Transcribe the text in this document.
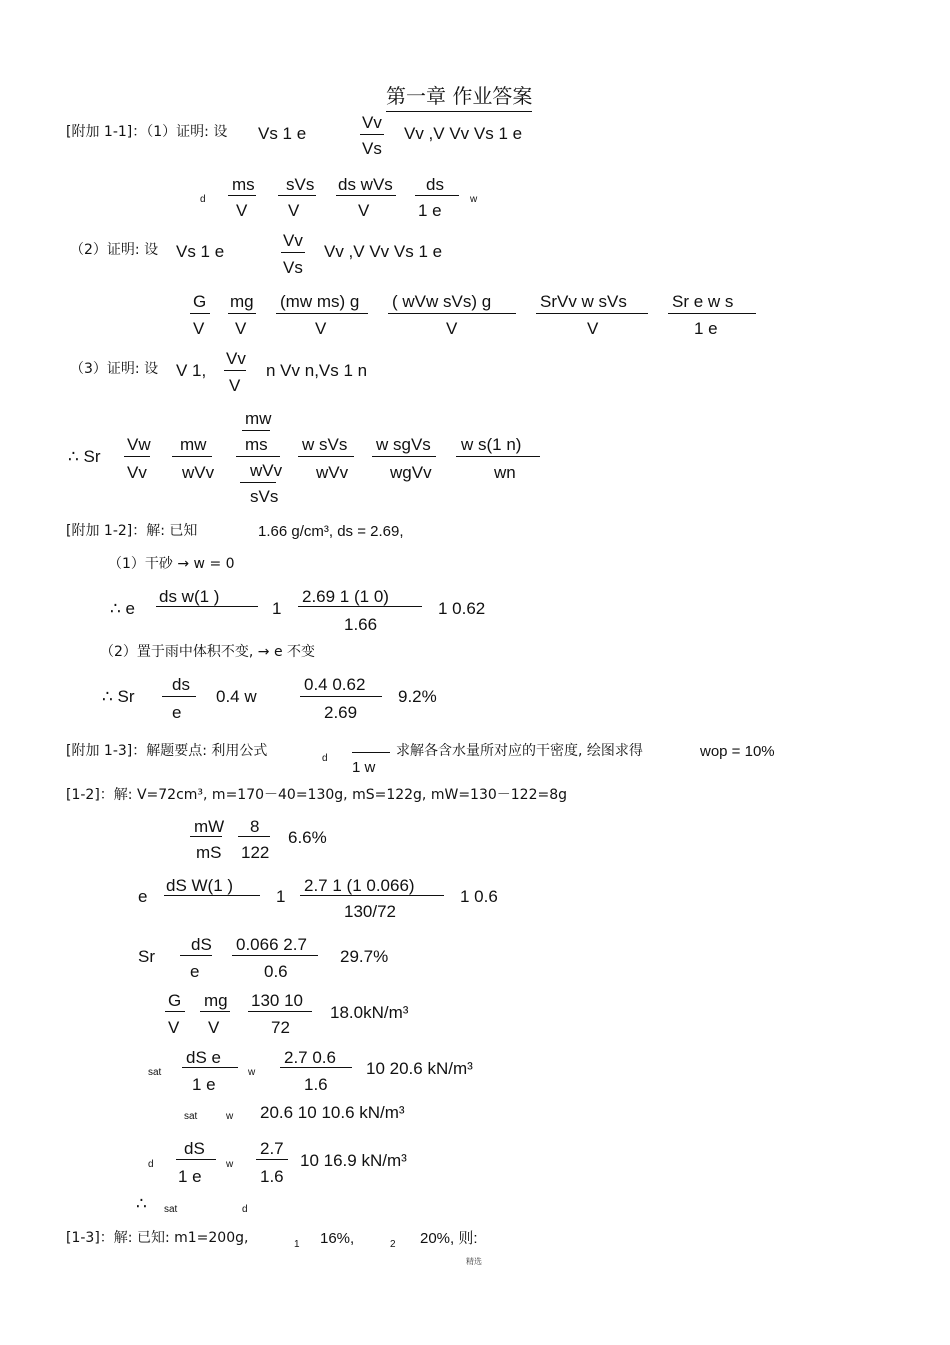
第一章 作业答案
[附加 1-1]：（1）证明: 设 Vs 1 e
Vv
Vs
Vv ,V Vv Vs 1 e
d
ms
V
sVs
V
ds wVs
V
ds
1 e
w
（2）证明: 设 Vs 1 e
Vv
Vs
Vv ,V Vv Vs 1 e
G
V
mg
V
(mw ms) g
V
( wVw sVs) g
V
SrVv w sVs
V
Sr e w s
1 e
（3）证明: 设 V 1,
Vv
V
n Vv n,Vs 1 n
∴ Sr
Vw
Vv
mw
wVv
mw
ms
wVv
sVs
w sVs
wVv
w sgVs
wgVv
w s(1 n)
wn
[附加 1-2]：解: 已知	1.66 g/cm³, ds = 2.69,
（1）干砂 → w = 0
∴ e
ds w(1 )
1
2.69 1 (1 0)
1.66
1 0.62
（2）置于雨中体积不变, → e 不变
∴ Sr
ds
e
0.4 w
0.4 0.62
2.69
9.2%
[附加 1-3]：解题要点: 利用公式	d
1 w
求解各含水量所对应的干密度, 绘图求得	wop = 10%
[1-2]：解: V=72cm³, m=170－40=130g, mS=122g, mW=130－122=8g
mW
mS
8
122
6.6%
e
dS W(1 )
1
2.7 1 (1 0.066)
130/72
1 0.6
Sr
dS
e
0.066 2.7
0.6
29.7%
G
V
mg
V
130 10
72
18.0kN/m³
sat
dS e
1 e
w
2.7 0.6
1.6
10 20.6 kN/m³
sat	w 20.6 10 10.6 kN/m³
d
dS
1 e
w
2.7
1.6
10 16.9 kN/m³
∴ sat	d
[1-3]：解: 已知: m1=200g,	1 16%,	2 20%, 则:
精选
